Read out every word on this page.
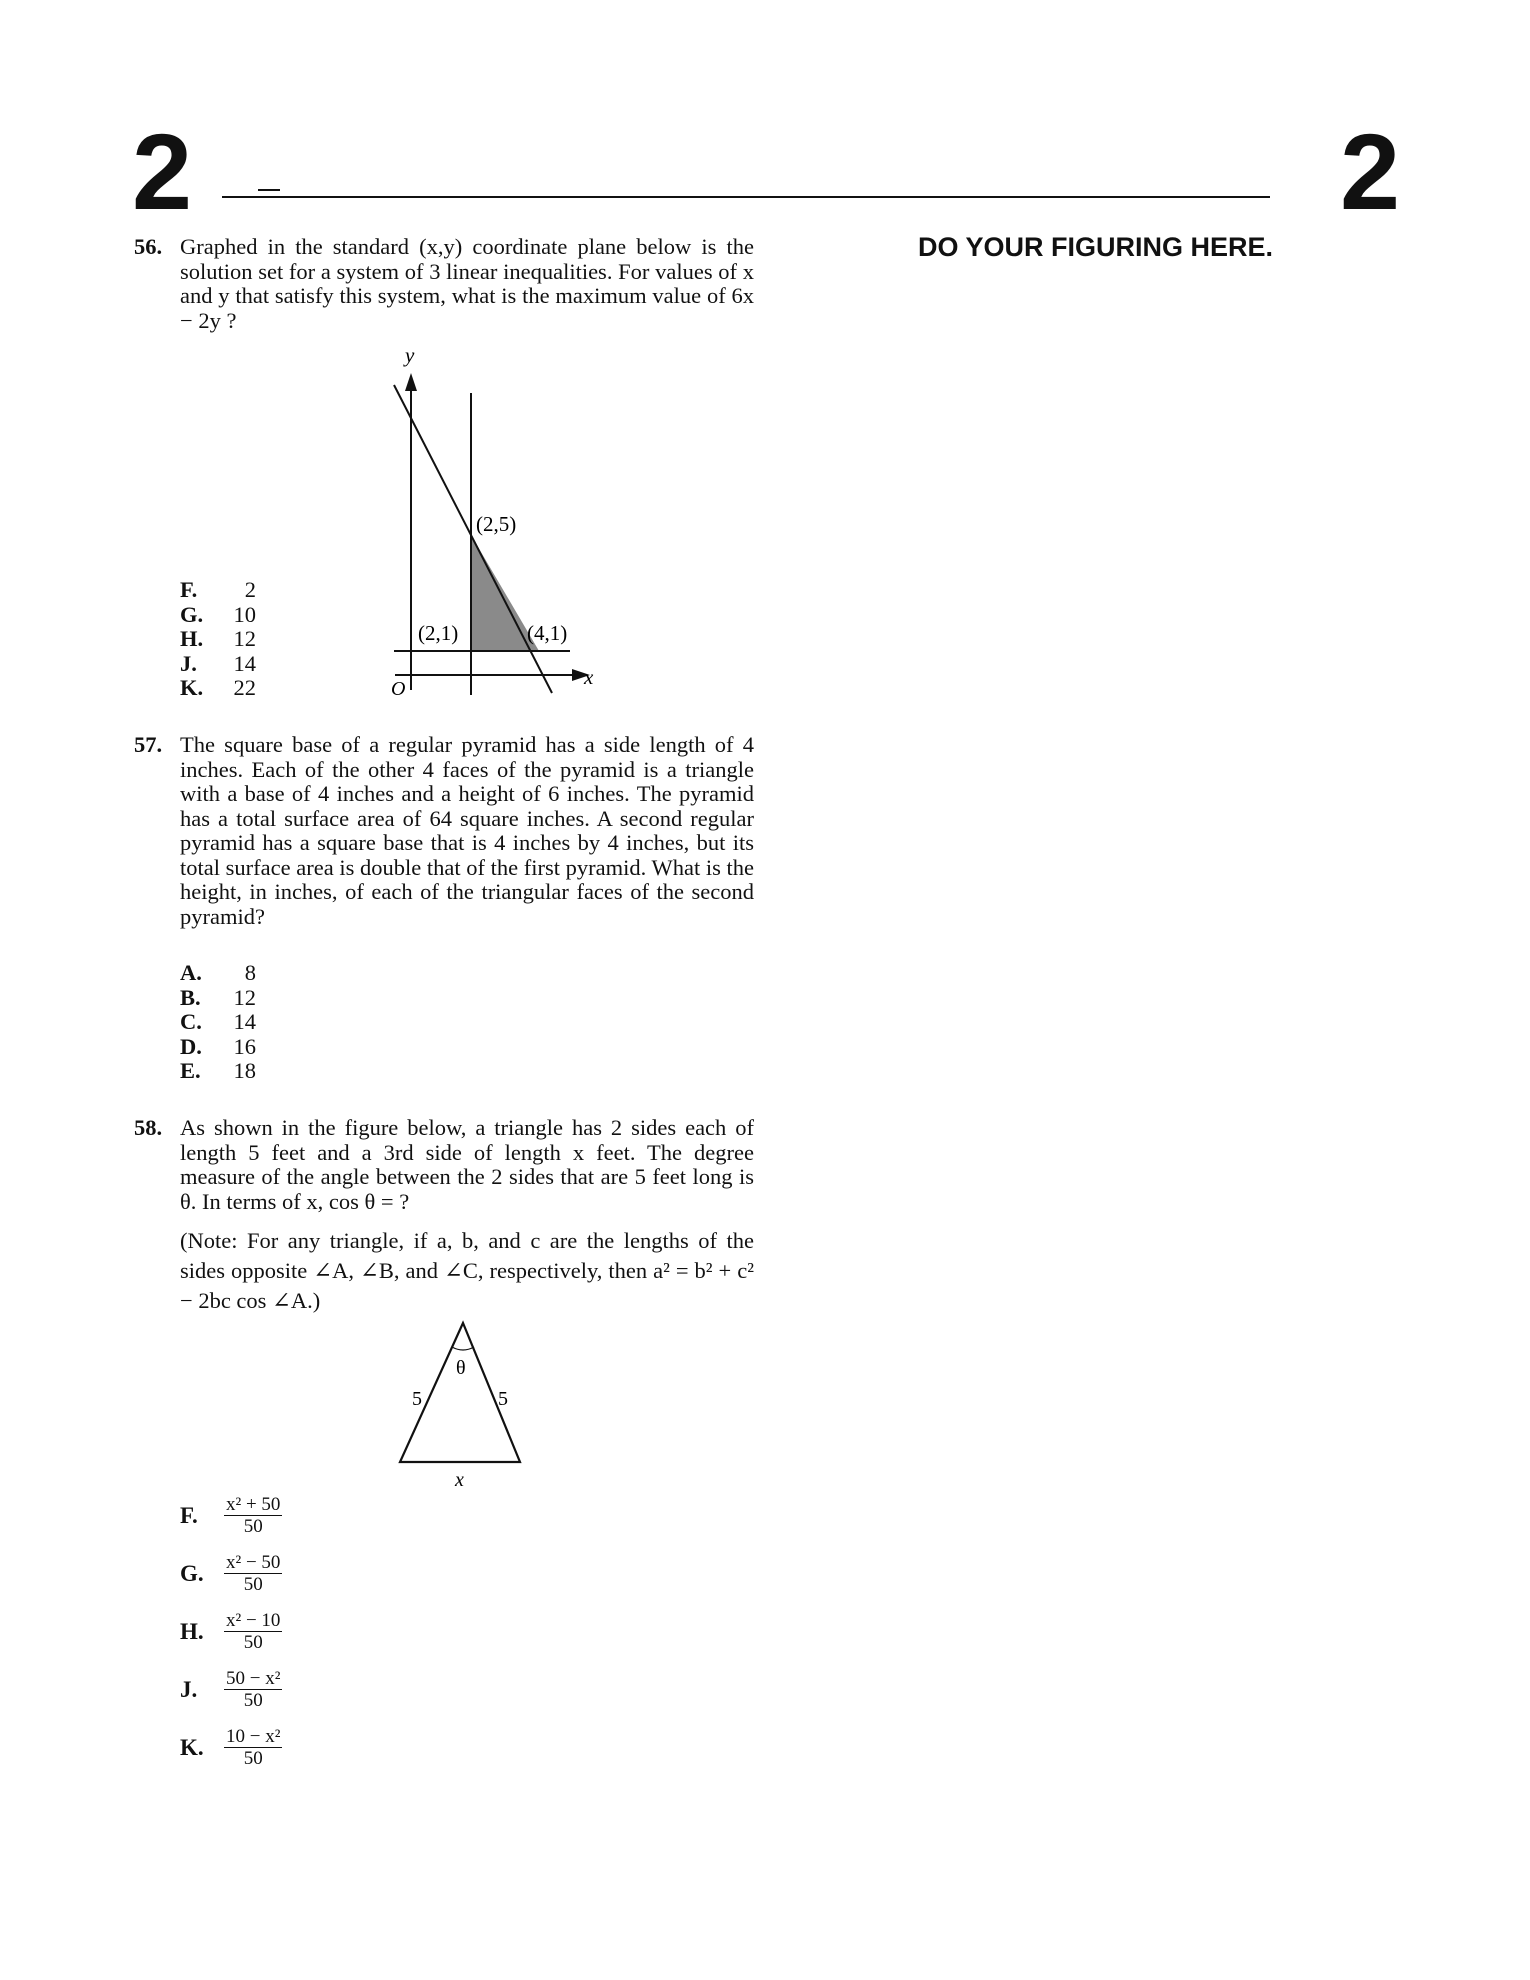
2	2
DO YOUR FIGURING HERE.
56. Graphed in the standard (x,y) coordinate plane below is the solution set for a system of 3 linear inequalities. For values of x and y that satisfy this system, what is the maximum value of 6x − 2y ?
F.	2
G.	10
H.	12
J.	14
K.	22
y
x
O
(2,5)
(2,1)	(4,1)
57. The square base of a regular pyramid has a side length of 4 inches. Each of the other 4 faces of the pyramid is a triangle with a base of 4 inches and a height of 6 inches. The pyramid has a total surface area of 64 square inches. A second regular pyramid has a square base that is 4 inches by 4 inches, but its total surface area is double that of the first pyramid. What is the height, in inches, of each of the triangular faces of the second pyramid?
A.	8
B.	12
C.	14
D.	16
E.	18
58. As shown in the figure below, a triangle has 2 sides each of length 5 feet and a 3rd side of length x feet. The degree measure of the angle between the 2 sides that are 5 feet long is θ. In terms of x, cos θ = ?
(Note: For any triangle, if a, b, and c are the lengths of the sides opposite ∠A, ∠B, and ∠C, respectively, then a² = b² + c² − 2bc cos ∠A.)
θ
5	5
x
F.	$\frac{\text{x² + 50}}{50}$
G.	$\frac{\text{x² − 50}}{50}$
H.	$\frac{\text{x² − 10}}{50}$
J.	$\frac{\text{50 − x²}}{50}$
K.	$\frac{\text{10 − x²}}{50}$
